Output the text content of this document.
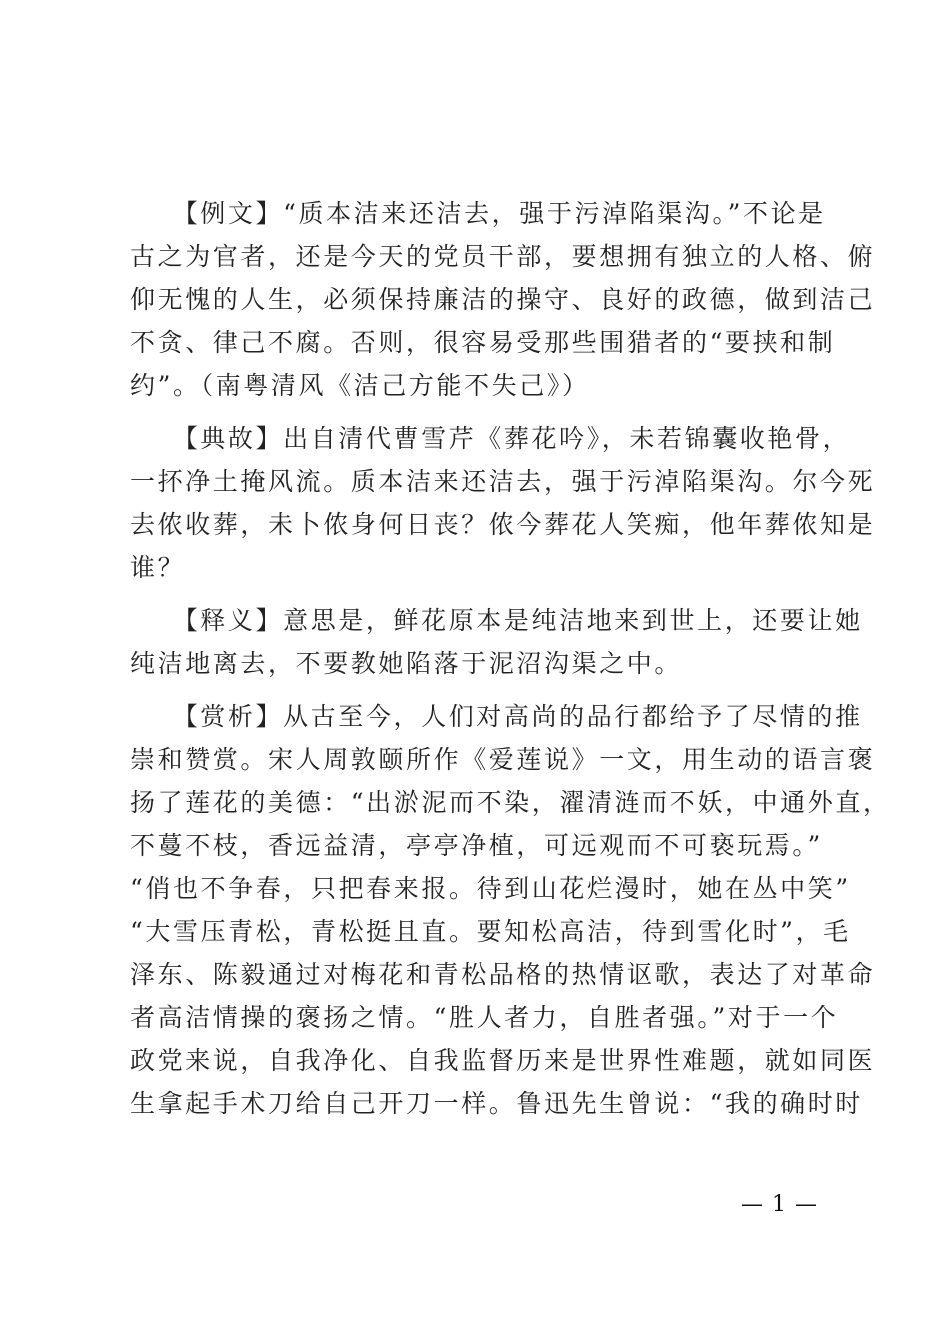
　　【例文】“质本洁来还洁去，强于污淖陷渠沟。”不论是
古之为官者，还是今天的党员干部，要想拥有独立的人格、俯
仰无愧的人生，必须保持廉洁的操守、良好的政德，做到洁己
不贪、律己不腐。否则，很容易受那些围猎者的“要挟和制
约”。（南粤清风《洁己方能不失己》）
　　【典故】出自清代曹雪芹《葬花吟》，未若锦囊收艳骨，
一抔净土掩风流。质本洁来还洁去，强于污淖陷渠沟。尔今死
去侬收葬，未卜侬身何日丧？侬今葬花人笑痴，他年葬侬知是
谁？
　　【释义】意思是，鲜花原本是纯洁地来到世上，还要让她
纯洁地离去，不要教她陷落于泥沼沟渠之中。
　　【赏析】从古至今，人们对高尚的品行都给予了尽情的推
崇和赞赏。宋人周敦颐所作《爱莲说》一文，用生动的语言褒
扬了莲花的美德：“出淤泥而不染，濯清涟而不妖，中通外直，
不蔓不枝，香远益清，亭亭净植，可远观而不可亵玩焉。”
“俏也不争春，只把春来报。待到山花烂漫时，她在丛中笑”
“大雪压青松，青松挺且直。要知松高洁，待到雪化时”，毛
泽东、陈毅通过对梅花和青松品格的热情讴歌，表达了对革命
者高洁情操的褒扬之情。“胜人者力，自胜者强。”对于一个
政党来说，自我净化、自我监督历来是世界性难题，就如同医
生拿起手术刀给自己开刀一样。鲁迅先生曾说：“我的确时时
— 1 —
